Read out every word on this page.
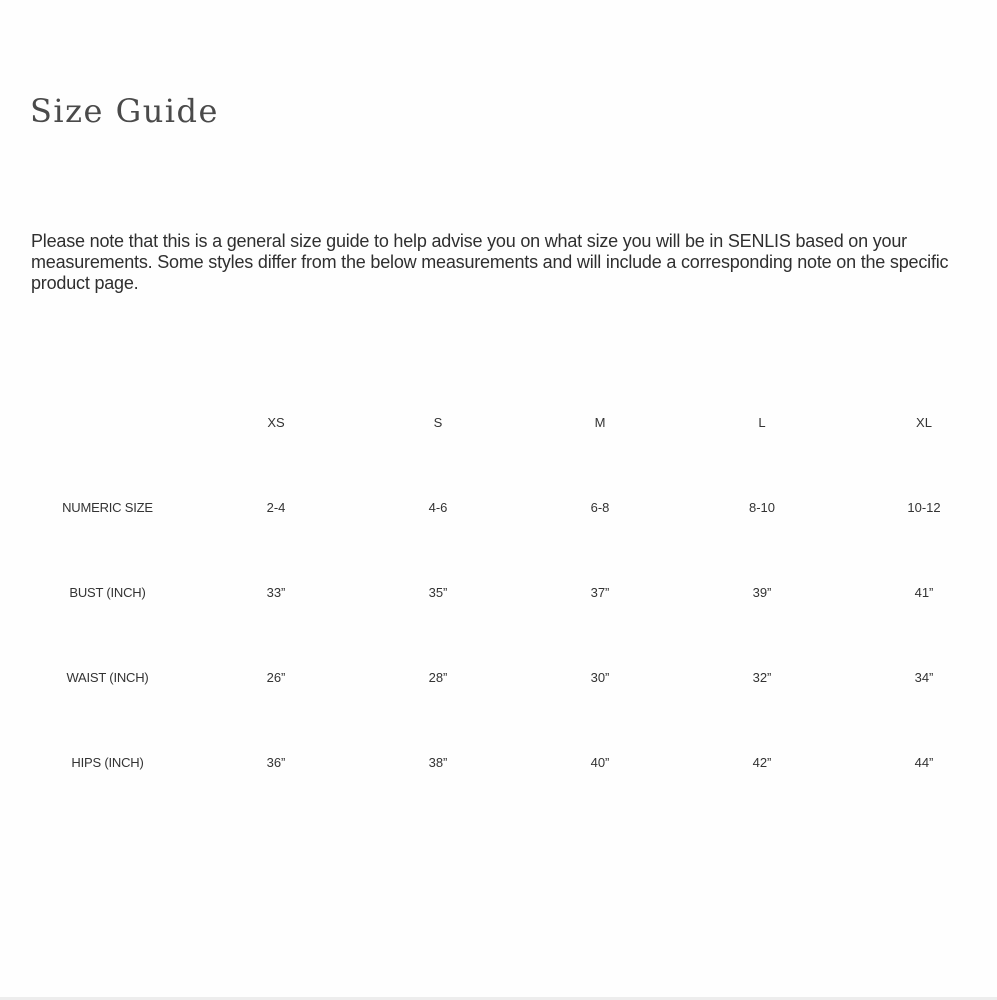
Size Guide

Please note that this is a general size guide to help advise you on what size you will be in SENLIS based on your measurements. Some styles differ from the below measurements and will include a corresponding note on the specific product page.

	XS	S	M	L	XL
NUMERIC SIZE	2-4	4-6	6-8	8-10	10-12
BUST (INCH)	33”	35”	37”	39”	41”
WAIST (INCH)	26”	28”	30”	32”	34”
HIPS (INCH)	36”	38”	40”	42”	44”
